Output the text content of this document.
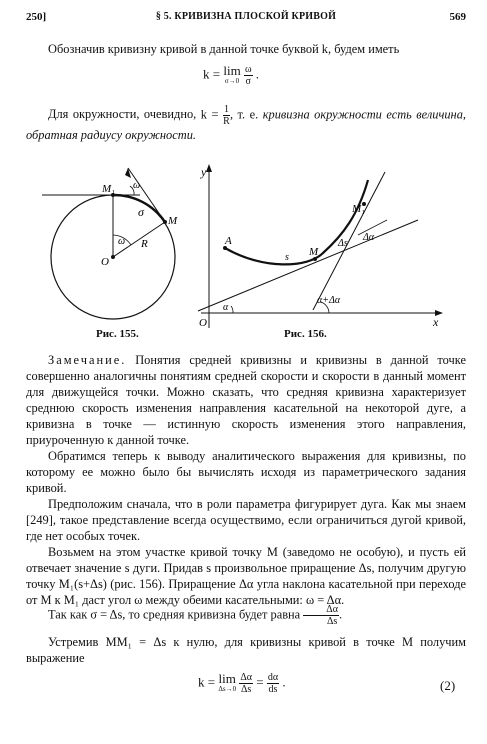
250]	§ 5. КРИВИЗНА ПЛОСКОЙ КРИВОЙ	569
Обозначив кривизну кривой в данной точке буквой k, будем иметь
k = lim
σ→0
$\frac{\omega}{\sigma}$ .
Для окружности, очевидно, $k = \frac{1}{R}$ , т. е. кривизна окружности есть величина, обратная радиусу окружности.
M₁ ω
σ
M
ω R
O
Рис. 155.
y
M₁
Δs
Δα
A
s M
α+Δα
O
α
x
Рис. 156.
Замечание. Понятия средней кривизны и кривизны в данной точке совершенно аналогичны понятиям средней скорости и скорости в данный момент для движущейся точки. Можно сказать, что средняя кривизна характеризует среднюю скорость изменения направления касательной на некоторой дуге, а кривизна в точке — истинную скорость изменения этого направления, приуроченную к данной точке.
Обратимся теперь к выводу аналитического выражения для кривизны, по которому ее можно было бы вычислять исходя из параметрического задания кривой.
Предположим сначала, что в роли параметра фигурирует дуга. Как мы знаем [249], такое представление всегда осуществимо, если ограничиться дугой кривой, где нет особых точек.
Возьмем на этом участке кривой точку M (заведомо не особую), и пусть ей отвечает значение s дуги. Придав s произвольное приращение Δs, получим другую точку M₁(s+Δs) (рис. 156). Приращение Δα угла наклона касательной при переходе от M к M₁ даст угол ω между обеими касательными: ω = Δα.
Так как σ = Δs, то средняя кривизна будет равна $\frac{\Delta\alpha}{\Delta s}$ .
Устремив MM₁ = Δs к нулю, для кривизны кривой в точке M получим выражение
k = lim
Δs→0
$\frac{\Delta\alpha}{\Delta s} = \frac{d\alpha}{ds}$ .	(2)
